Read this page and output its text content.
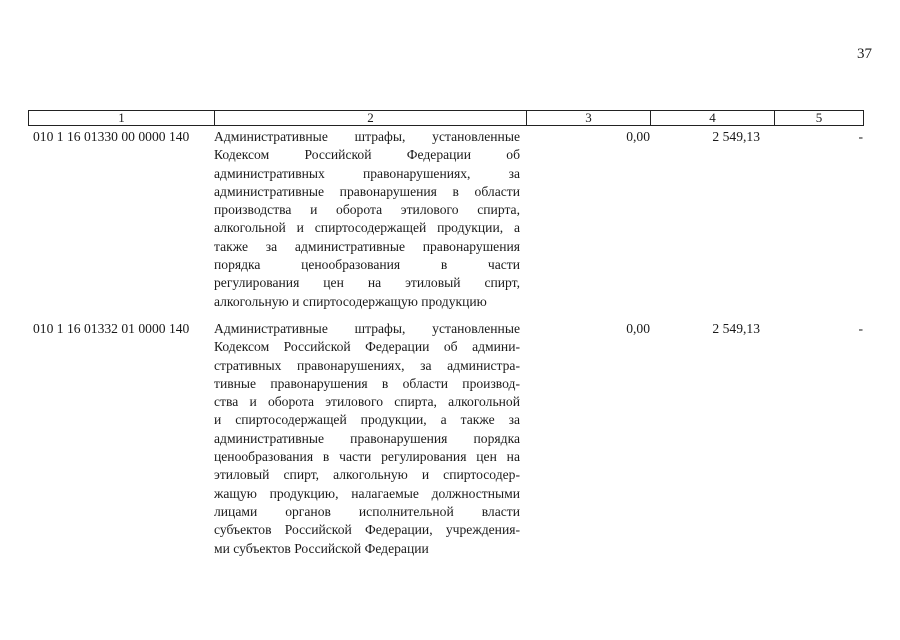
37
1	2	3	4	5
010 1 16 01330 00 0000 140 Административные штрафы, установленные
Кодексом Российской Федерации об
административных правонарушениях, за
административные правонарушения в области
производства и оборота этилового спирта,
алкогольной и спиртосодержащей продукции, а
также за административные правонарушения
порядка ценообразования в части
регулирования цен на этиловый спирт,
алкогольную и спиртосодержащую продукцию
0,00	2 549,13	-
010 1 16 01332 01 0000 140 Административные штрафы, установленные
Кодексом Российской Федерации об админи-
стративных правонарушениях, за администра-
тивные правонарушения в области производ-
ства и оборота этилового спирта, алкогольной
и спиртосодержащей продукции, а также за
административные правонарушения порядка
ценообразования в части регулирования цен на
этиловый спирт, алкогольную и спиртосодер-
жащую продукцию, налагаемые должностными
лицами органов исполнительной власти
субъектов Российской Федерации, учреждения-
ми субъектов Российской Федерации
0,00	2 549,13	-
